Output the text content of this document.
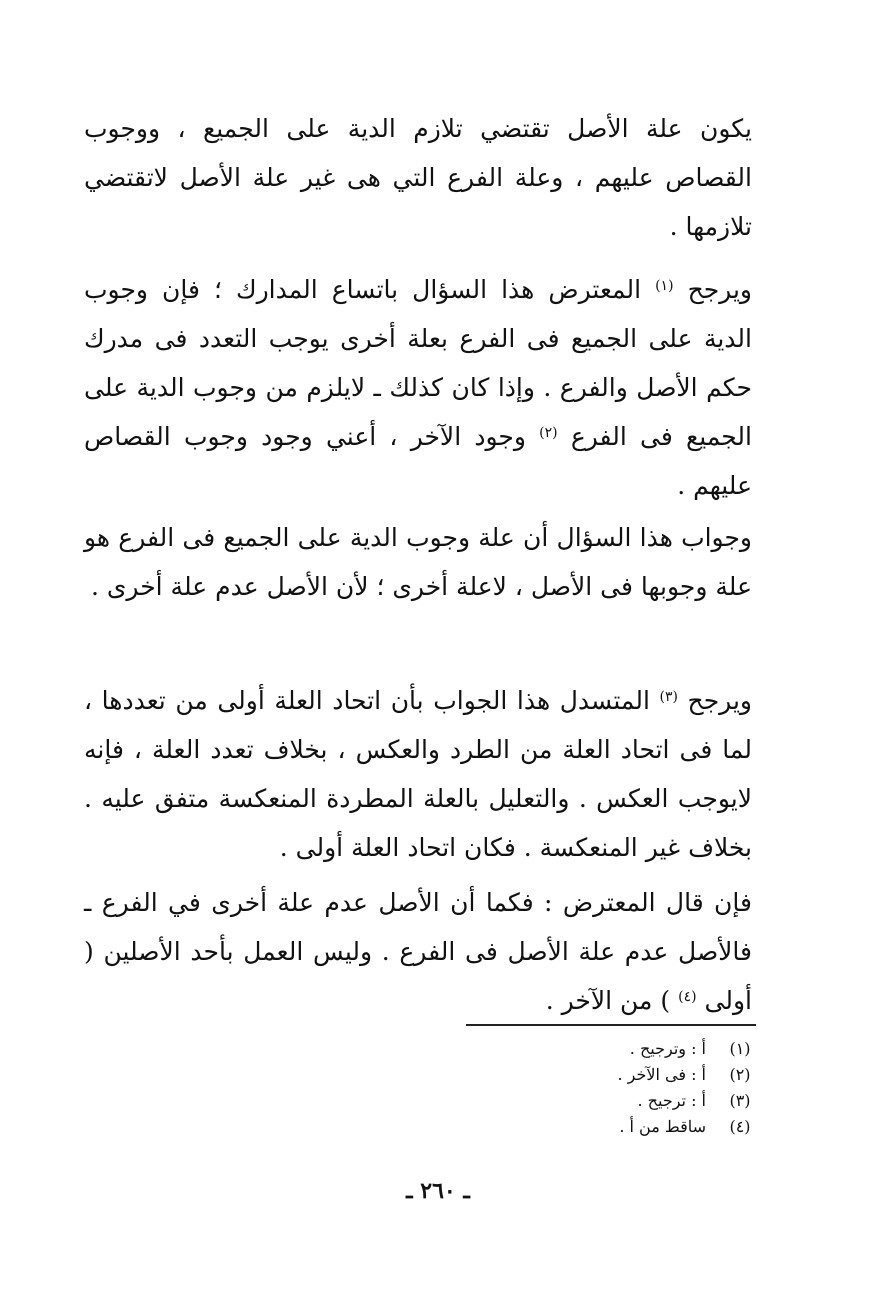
يكون علة الأصل تقتضي تلازم الدية على الجميع ، ووجوب القصاص عليهم ، وعلة الفرع التي هى غير علة الأصل لاتقتضي تلازمها .

ويرجح $^{(١)}$ المعترض هذا السؤال باتساع المدارك ؛ فإن وجوب الدية على الجميع فى الفرع بعلة أخرى يوجب التعدد فى مدرك حكم الأصل والفرع . وإذا كان كذلك ـ لايلزم من وجوب الدية على الجميع فى الفرع $^{(٢)}$ وجود الآخر ، أعني وجود وجوب القصاص عليهم .

وجواب هذا السؤال أن علة وجوب الدية على الجميع فى الفرع هو علة وجوبها فى الأصل ، لاعلة أخرى ؛ لأن الأصل عدم علة أخرى .

ويرجح $^{(٣)}$ المتسدل هذا الجواب بأن اتحاد العلة أولى من تعددها ، لما فى اتحاد العلة من الطرد والعكس ، بخلاف تعدد العلة ، فإنه لايوجب العكس . والتعليل بالعلة المطردة المنعكسة متفق عليه . بخلاف غير المنعكسة . فكان اتحاد العلة أولى .

فإن قال المعترض : فكما أن الأصل عدم علة أخرى في الفرع ـ فالأصل عدم علة الأصل فى الفرع . وليس العمل بأحد الأصلين ( أولى $^{(٤)}$ ) من الآخر .

(١)
أ : وترجيح .
(٢)
أ : فى الآخر .
(٣)
أ : ترجيح .
(٤)
ساقط من أ .
ـ ٢٦٠ ـ
